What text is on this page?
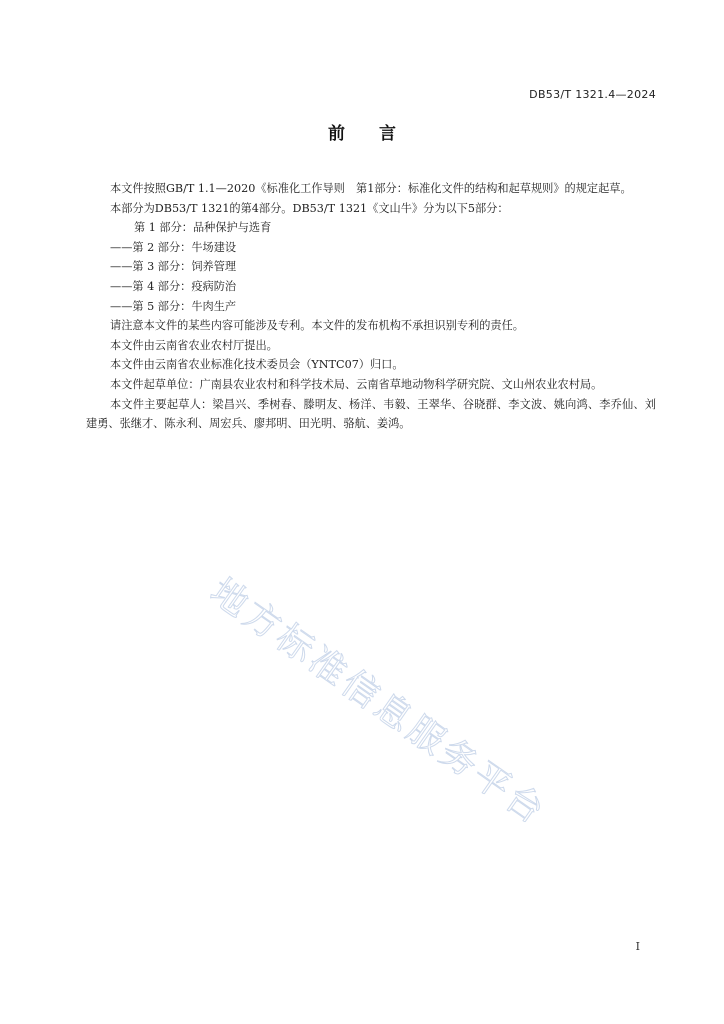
DB53/T 1321.4—2024
前言

本文件按照GB/T 1.1—2020《标准化工作导则　第1部分：标准化文件的结构和起草规则》的规定起草。

本部分为DB53/T 1321的第4部分。DB53/T 1321《文山牛》分为以下5部分：

第 1 部分：品种保护与选育

——第 2 部分：牛场建设

——第 3 部分：饲养管理

——第 4 部分：疫病防治

——第 5 部分：牛肉生产

请注意本文件的某些内容可能涉及专利。本文件的发布机构不承担识别专利的责任。

本文件由云南省农业农村厅提出。

本文件由云南省农业标准化技术委员会（YNTC07）归口。

本文件起草单位：广南县农业农村和科学技术局、云南省草地动物科学研究院、文山州农业农村局。

本文件主要起草人：梁昌兴、季树春、滕明友、杨洋、韦毅、王翠华、谷晓群、李文波、姚向鸿、李乔仙、刘建勇、张继才、陈永利、周宏兵、廖邦明、田光明、骆航、姜鸿。

地方标准信息服务平台
I
